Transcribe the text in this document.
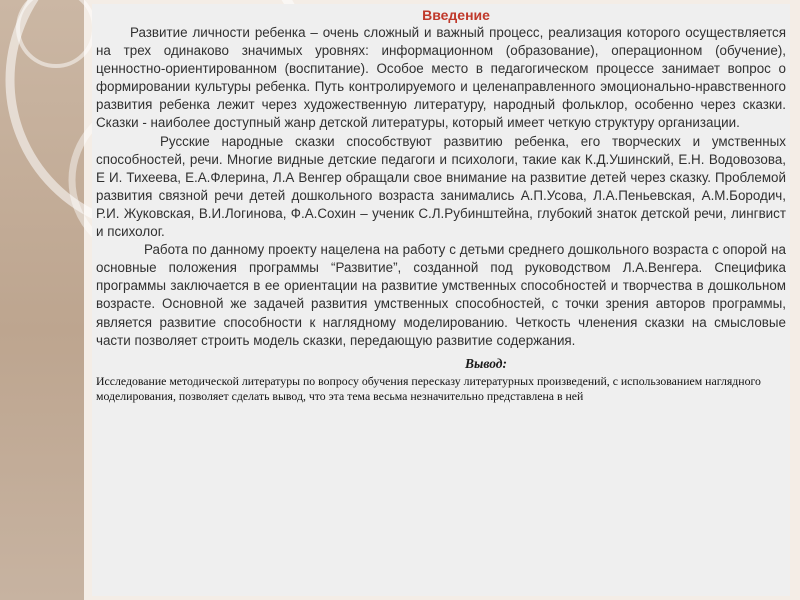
Введение

Развитие личности ребенка – очень сложный и важный процесс, реализация которого осуществляется на трех одинаково значимых уровнях: информационном (образование), операционном (обучение), ценностно-ориентированном (воспитание). Особое место в педагогическом процессе занимает вопрос о формировании культуры ребенка. Путь контролируемого и целенаправленного эмоционально-нравственного развития ребенка лежит через художественную литературу, народный фольклор, особенно через сказки. Сказки - наиболее доступный жанр детской литературы, который имеет четкую структуру организации.

Русские народные сказки способствуют развитию ребенка, его творческих и умственных способностей, речи. Многие видные детские педагоги и психологи, такие как К.Д.Ушинский, Е.Н. Водовозова, Е И. Тихеева, Е.А.Флерина, Л.А Венгер обращали свое внимание на развитие детей через сказку. Проблемой развития связной речи детей дошкольного возраста занимались А.П.Усова, Л.А.Пеньевская, А.М.Бородич, Р.И. Жуковская, В.И.Логинова, Ф.А.Сохин – ученик С.Л.Рубинштейна, глубокий знаток детской речи, лингвист и психолог.

Работа по данному проекту нацелена на работу с детьми среднего дошкольного возраста с опорой на основные положения программы “Развитие”, созданной под руководством Л.А.Венгера. Специфика программы заключается в ее ориентации на развитие умственных способностей и творчества в дошкольном возрасте. Основной же задачей развития умственных способностей, с точки зрения авторов программы, является развитие способности к наглядному моделированию. Четкость членения сказки на смысловые части позволяет строить модель сказки, передающую развитие содержания.

Вывод:

Исследование методической литературы по вопросу обучения пересказу литературных произведений, с использованием наглядного моделирования, позволяет сделать вывод, что эта тема весьма незначительно представлена в ней
